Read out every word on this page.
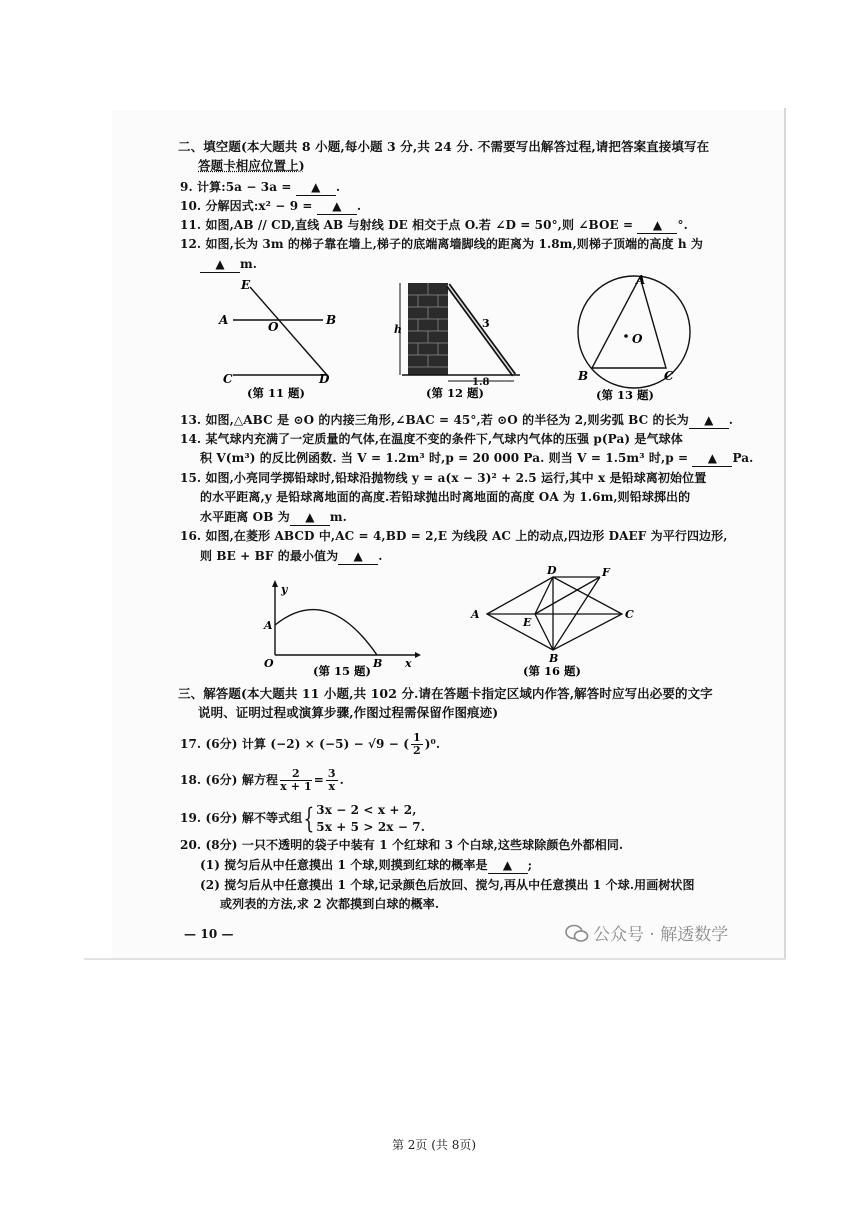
二、填空题(本大题共 8 小题,每小题 3 分,共 24 分. 不需要写出解答过程,请把答案直接填写在
答题卡相应位置上)
9. 计算:5a − 3a = ▲ .
10. 分解因式:x² − 9 = ▲ .
11. 如图,AB // CD,直线 AB 与射线 DE 相交于点 O.若 ∠D = 50°,则 ∠BOE = ▲ °.
12. 如图,长为 3m 的梯子靠在墙上,梯子的底端离墙脚线的距离为 1.8m,则梯子顶端的高度 h 为
▲ m.
E
A	O	B
C	D
(第 11 题)
h	3
1.8
(第 12 题)
A
O
B	C
(第 13 题)
13. 如图,△ABC 是 ⊙O 的内接三角形,∠BAC = 45°,若 ⊙O 的半径为 2,则劣弧 BC 的长为 ▲ .
14. 某气球内充满了一定质量的气体,在温度不变的条件下,气球内气体的压强 p(Pa) 是气球体
积 V(m³) 的反比例函数. 当 V = 1.2m³ 时,p = 20 000 Pa. 则当 V = 1.5m³ 时,p = ▲ Pa.
15. 如图,小亮同学掷铅球时,铅球沿抛物线 y = a(x − 3)² + 2.5 运行,其中 x 是铅球离初始位置
的水平距离,y 是铅球离地面的高度.若铅球抛出时离地面的高度 OA 为 1.6m,则铅球掷出的
水平距离 OB 为 ▲ m.
16. 如图,在菱形 ABCD 中,AC = 4,BD = 2,E 为线段 AC 上的动点,四边形 DAEF 为平行四边形,
则 BE + BF 的最小值为 ▲ .
y
A
O	B x
(第 15 题)
D	F
A
E
C
B
(第 16 题)
三、解答题(本大题共 11 小题,共 102 分.请在答题卡指定区域内作答,解答时应写出必要的文字
说明、证明过程或演算步骤,作图过程需保留作图痕迹)
17. (6分) 计算 (−2) × (−5) − √9 − ( $\frac{1}{2} )^0$.
18. (6分) 解方程 $\frac{2}{x + 1} = \frac{3}{x}$ .
19. (6分) 解不等式组{ 3x − 2 < x + 2,
5x + 5 > 2x − 7.
20. (8分) 一只不透明的袋子中装有 1 个红球和 3 个白球,这些球除颜色外都相同.
(1) 搅匀后从中任意摸出 1 个球,则摸到红球的概率是 ▲ ;
(2) 搅匀后从中任意摸出 1 个球,记录颜色后放回、搅匀,再从中任意摸出 1 个球.用画树状图
或列表的方法,求 2 次都摸到白球的概率.
— 10 —	公众号 · 解透数学
第 2页 (共 8页)
